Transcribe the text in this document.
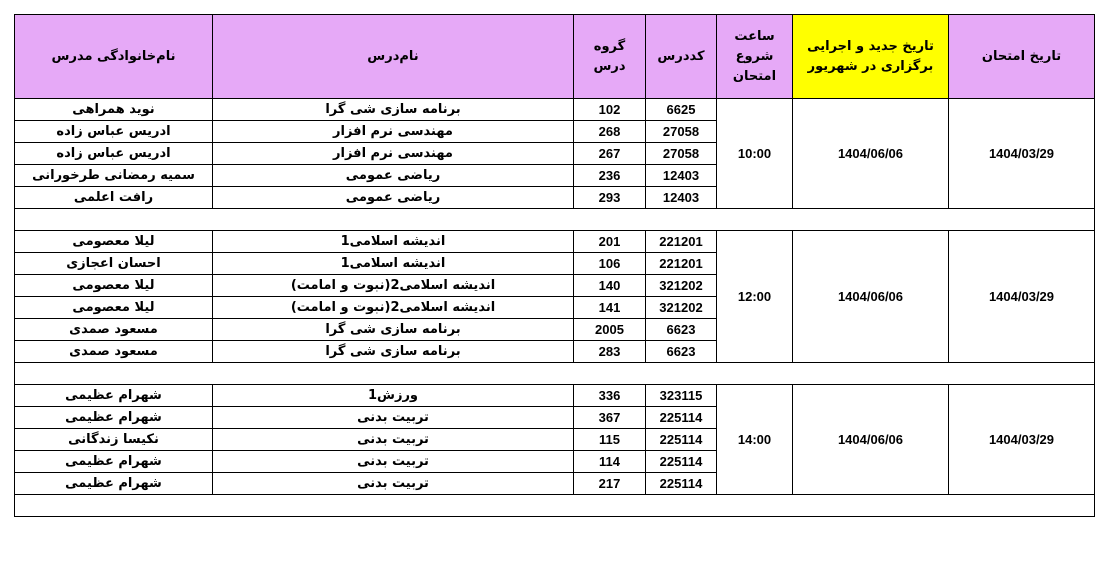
تاریخ امتحان	تاریخ جدید و اجرایی برگزاری در شهریور	ساعت شروع امتحان	کددرس	گروه درس	نام‌درس	نام‌خانوادگی مدرس
1404/03/29	1404/06/06	10:00	6625	102	برنامه سازی شی گرا	نوید همراهی
			27058	268	مهندسی نرم افزار	ادریس عباس زاده
			27058	267	مهندسی نرم افزار	ادریس عباس زاده
			12403	236	ریاضی عمومی	سمیه رمضانی طرخورانی
			12403	293	ریاضی عمومی	رافت اعلمی

1404/03/29	1404/06/06	12:00	221201	201	اندیشه اسلامی1	لیلا معصومی
			221201	106	اندیشه اسلامی1	احسان اعجازی
			321202	140	اندیشه اسلامی2(نبوت و امامت)	لیلا معصومی
			321202	141	اندیشه اسلامی2(نبوت و امامت)	لیلا معصومی
			6623	2005	برنامه سازی شی گرا	مسعود صمدی
			6623	283	برنامه سازی شی گرا	مسعود صمدی

1404/03/29	1404/06/06	14:00	323115	336	ورزش1	شهرام عظیمی
			225114	367	تربیت بدنی	شهرام عظیمی
			225114	115	تربیت بدنی	نکیسا زندگانی
			225114	114	تربیت بدنی	شهرام عظیمی
			225114	217	تربیت بدنی	شهرام عظیمی
